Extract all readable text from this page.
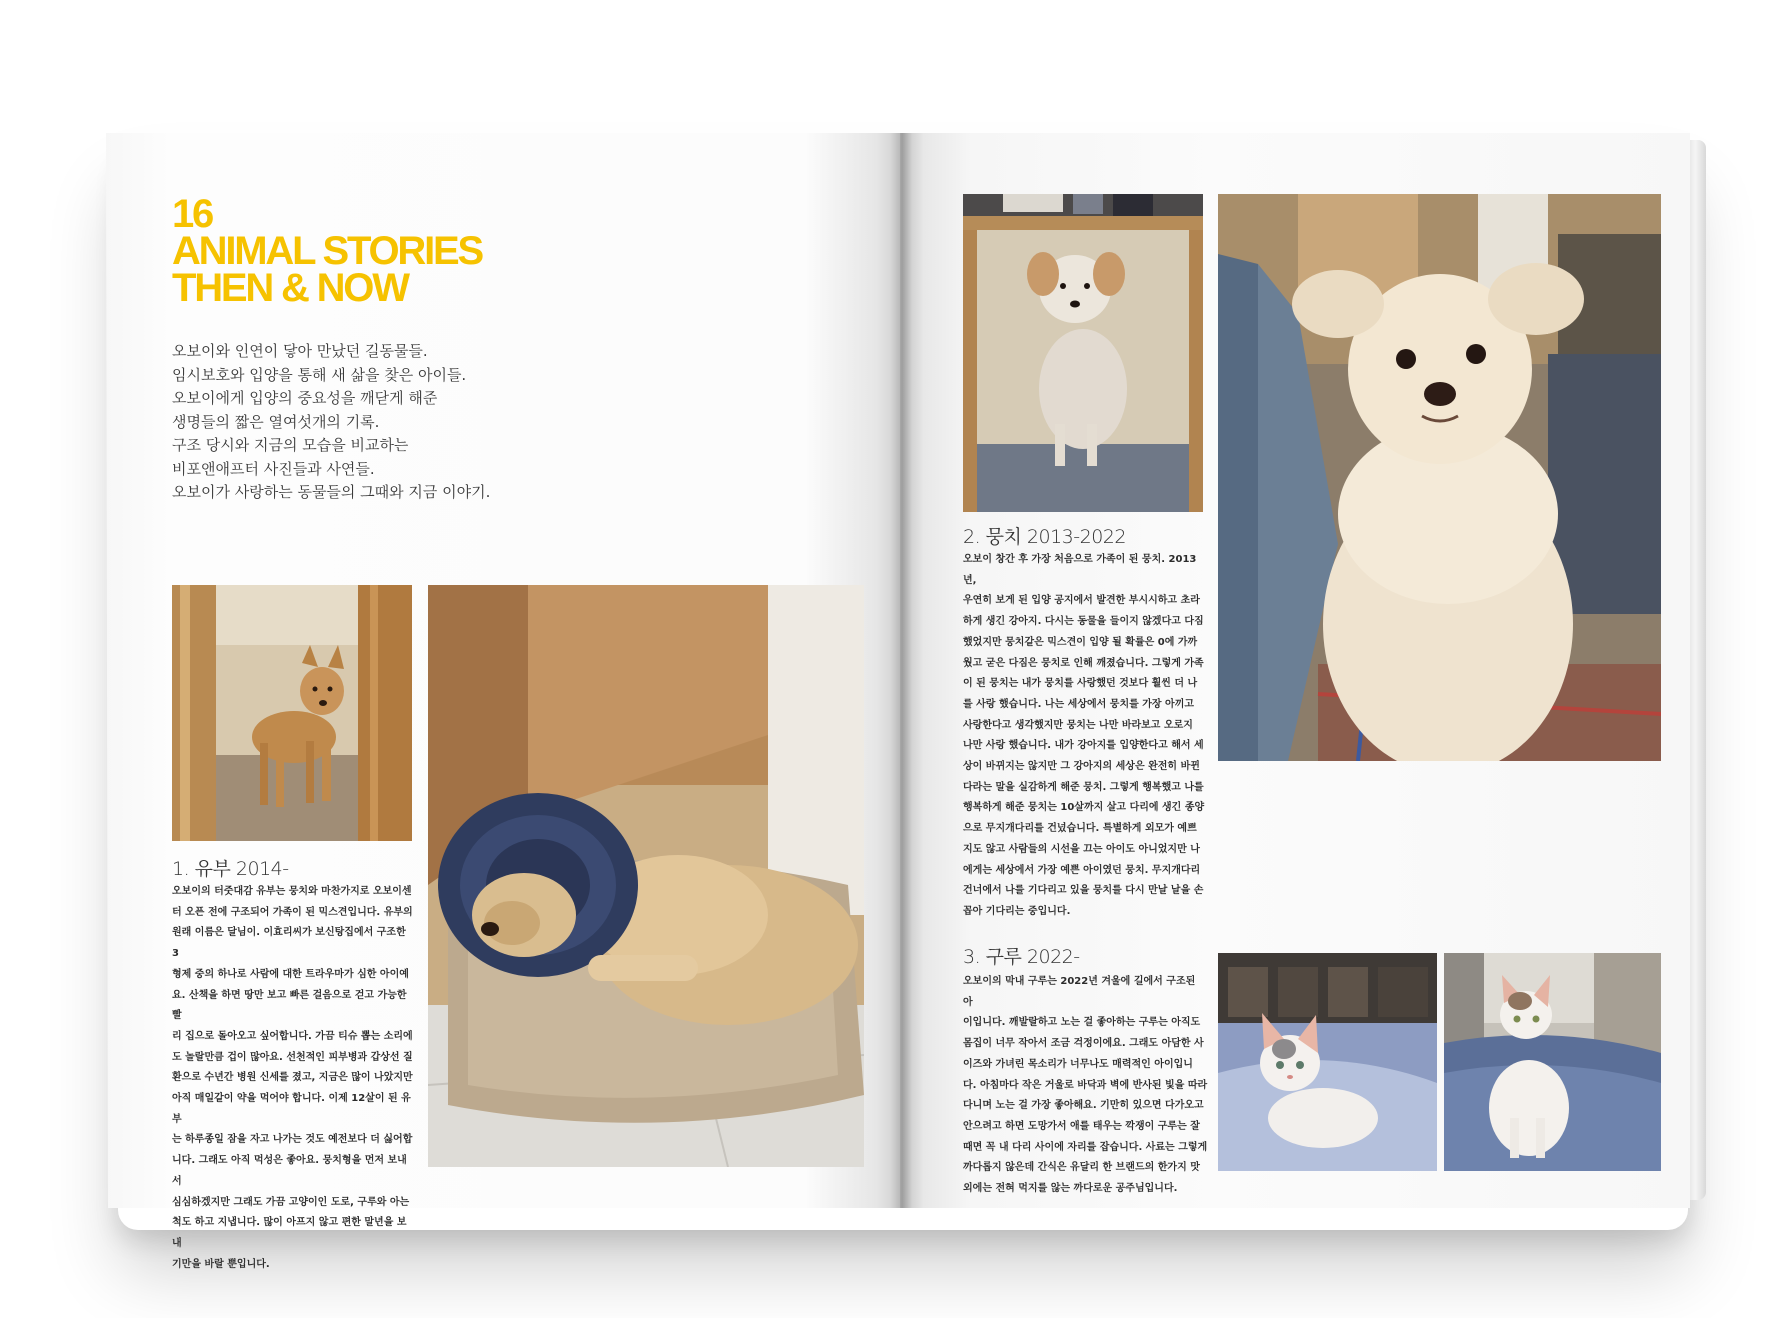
16
ANIMAL STORIES
THEN & NOW

오보이와 인연이 닿아 만났던 길동물들.

임시보호와 입양을 통해 새 삶을 찾은 아이들.

오보이에게 입양의 중요성을 깨닫게 해준

생명들의 짧은 열여섯개의 기록.

구조 당시와 지금의 모습을 비교하는

비포앤애프터 사진들과 사연들.

오보이가 사랑하는 동물들의 그때와 지금 이야기.

1. 유부 2014-

오보이의 터줏대감 유부는 뭉치와 마찬가지로 오보이센

터 오픈 전에 구조되어 가족이 된 믹스견입니다. 유부의

원래 이름은 달님이. 이효리씨가 보신탕집에서 구조한 3

형제 중의 하나로 사람에 대한 트라우마가 심한 아이예

요. 산책을 하면 땅만 보고 빠른 걸음으로 걷고 가능한 빨

리 집으로 돌아오고 싶어합니다. 가끔 티슈 뽑는 소리에

도 놀랄만큼 겁이 많아요. 선천적인 피부병과 갑상선 질

환으로 수년간 병원 신세를 졌고, 지금은 많이 나았지만

아직 매일같이 약을 먹어야 합니다. 이제 12살이 된 유부

는 하루종일 잠을 자고 나가는 것도 예전보다 더 싫어합

니다. 그래도 아직 먹성은 좋아요. 뭉치형을 먼저 보내서

심심하겠지만 그래도 가끔 고양이인 도로, 구루와 아는

척도 하고 지냅니다. 많이 아프지 않고 편한 말년을 보내

기만을 바랄 뿐입니다.

2. 뭉치 2013-2022

오보이 창간 후 가장 처음으로 가족이 된 뭉치. 2013년,

우연히 보게 된 입양 공지에서 발견한 부시시하고 초라

하게 생긴 강아지. 다시는 동물을 들이지 않겠다고 다짐

했었지만 뭉치같은 믹스견이 입양 될 확률은 0에 가까

웠고 굳은 다짐은 뭉치로 인해 깨졌습니다. 그렇게 가족

이 된 뭉치는 내가 뭉치를 사랑했던 것보다 훨씬 더 나

를 사랑 했습니다. 나는 세상에서 뭉치를 가장 아끼고

사랑한다고 생각했지만 뭉치는 나만 바라보고 오로지

나만 사랑 했습니다. 내가 강아지를 입양한다고 해서 세

상이 바뀌지는 않지만 그 강아지의 세상은 완전히 바뀐

다라는 말을 실감하게 해준 뭉치. 그렇게 행복했고 나를

행복하게 해준 뭉치는 10살까지 살고 다리에 생긴 종양

으로 무지개다리를 건넜습니다. 특별하게 외모가 예쁘

지도 않고 사람들의 시선을 끄는 아이도 아니었지만 나

에게는 세상에서 가장 예쁜 아이였던 뭉치. 무지개다리

건너에서 나를 기다리고 있을 뭉치를 다시 만날 날을 손

꼽아 기다리는 중입니다.

3. 구루 2022-

오보이의 막내 구루는 2022년 겨울에 길에서 구조된 아

이입니다. 깨발랄하고 노는 걸 좋아하는 구루는 아직도

몸집이 너무 작아서 조금 걱정이에요. 그래도 아담한 사

이즈와 가녀린 목소리가 너무나도 매력적인 아이입니

다. 아침마다 작은 거울로 바닥과 벽에 반사된 빛을 따라

다니며 노는 걸 가장 좋아해요. 기만히 있으면 다가오고

안으려고 하면 도망가서 애를 태우는 깍쟁이 구루는 잘

때면 꼭 내 다리 사이에 자리를 잡습니다. 사료는 그렇게

까다롭지 않은데 간식은 유달리 한 브랜드의 한가지 맛

외에는 전혀 먹지를 않는 까다로운 공주님입니다.
